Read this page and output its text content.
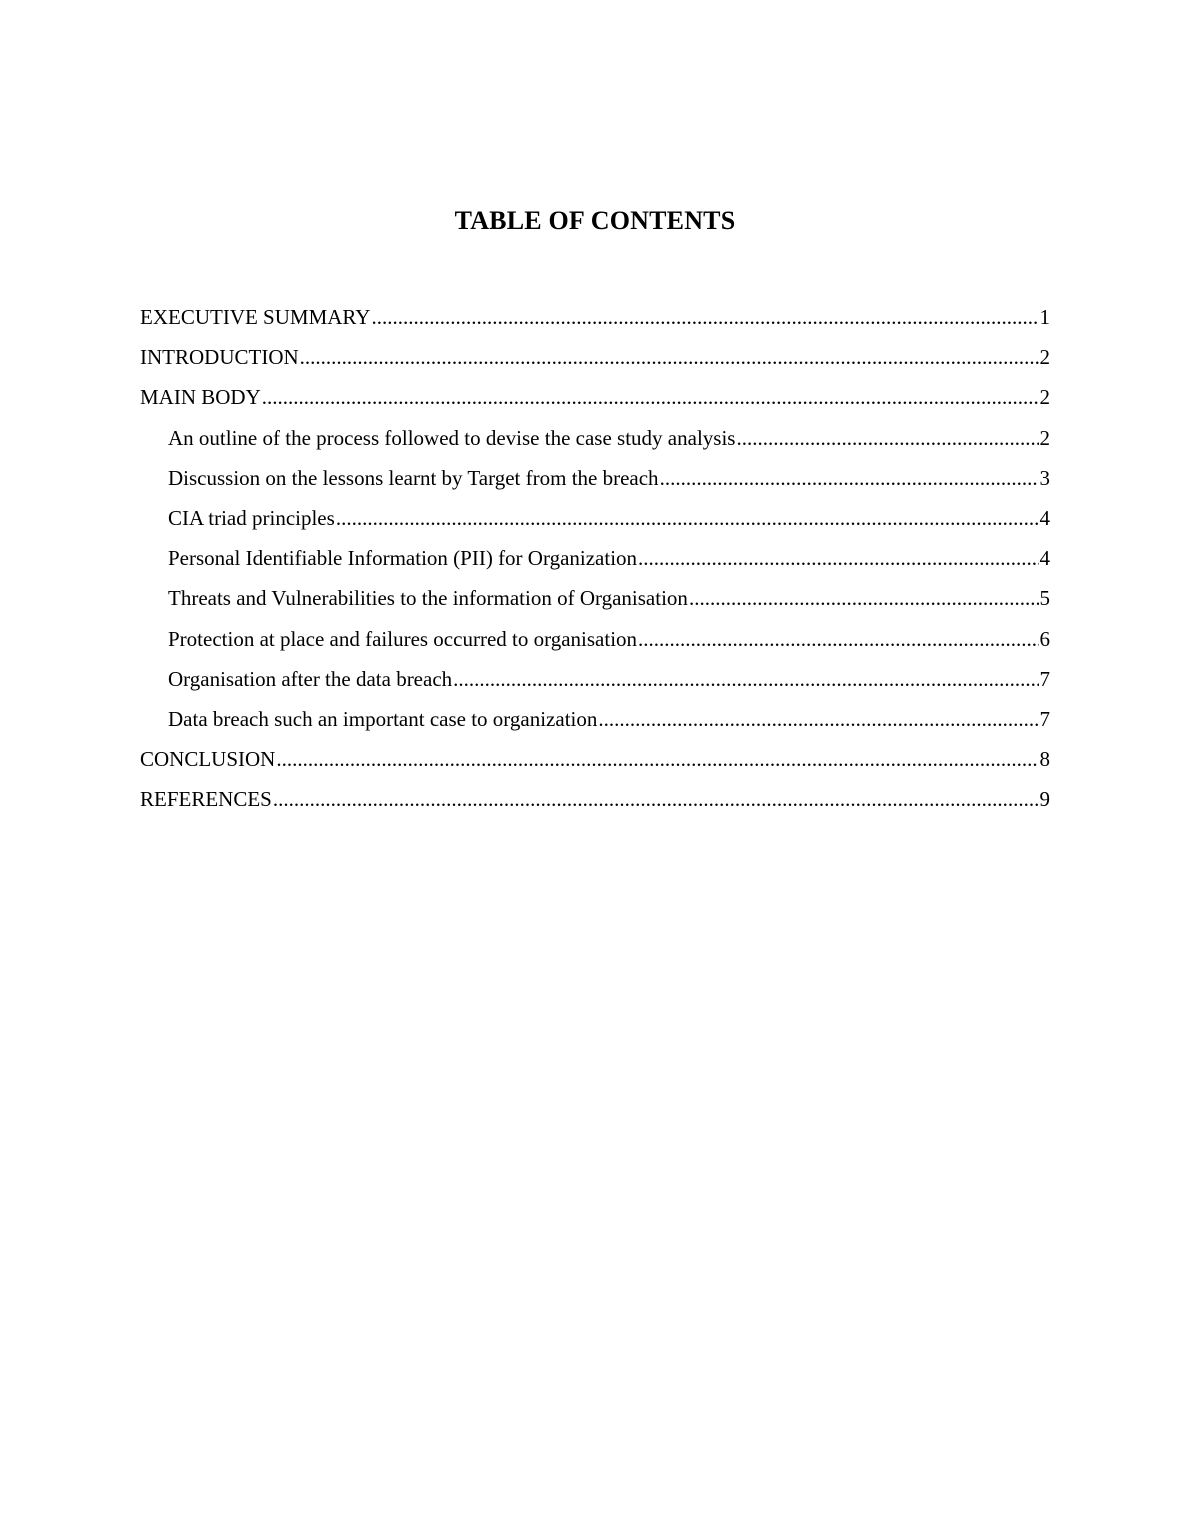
TABLE OF CONTENTS
EXECUTIVE SUMMARY .....	1
INTRODUCTION .....	2
MAIN BODY .....	2
An outline of the process followed to devise the case study analysis .....	2
Discussion on the lessons learnt by Target from the breach .....	3
CIA triad principles .....	4
Personal Identifiable Information (PII) for Organization .....	4
Threats and Vulnerabilities to the information of Organisation .....	5
Protection at place and failures occurred to organisation .....	6
Organisation after the data breach .....	7
Data breach such an important case to organization .....	7
CONCLUSION .....	8
REFERENCES .....	9
